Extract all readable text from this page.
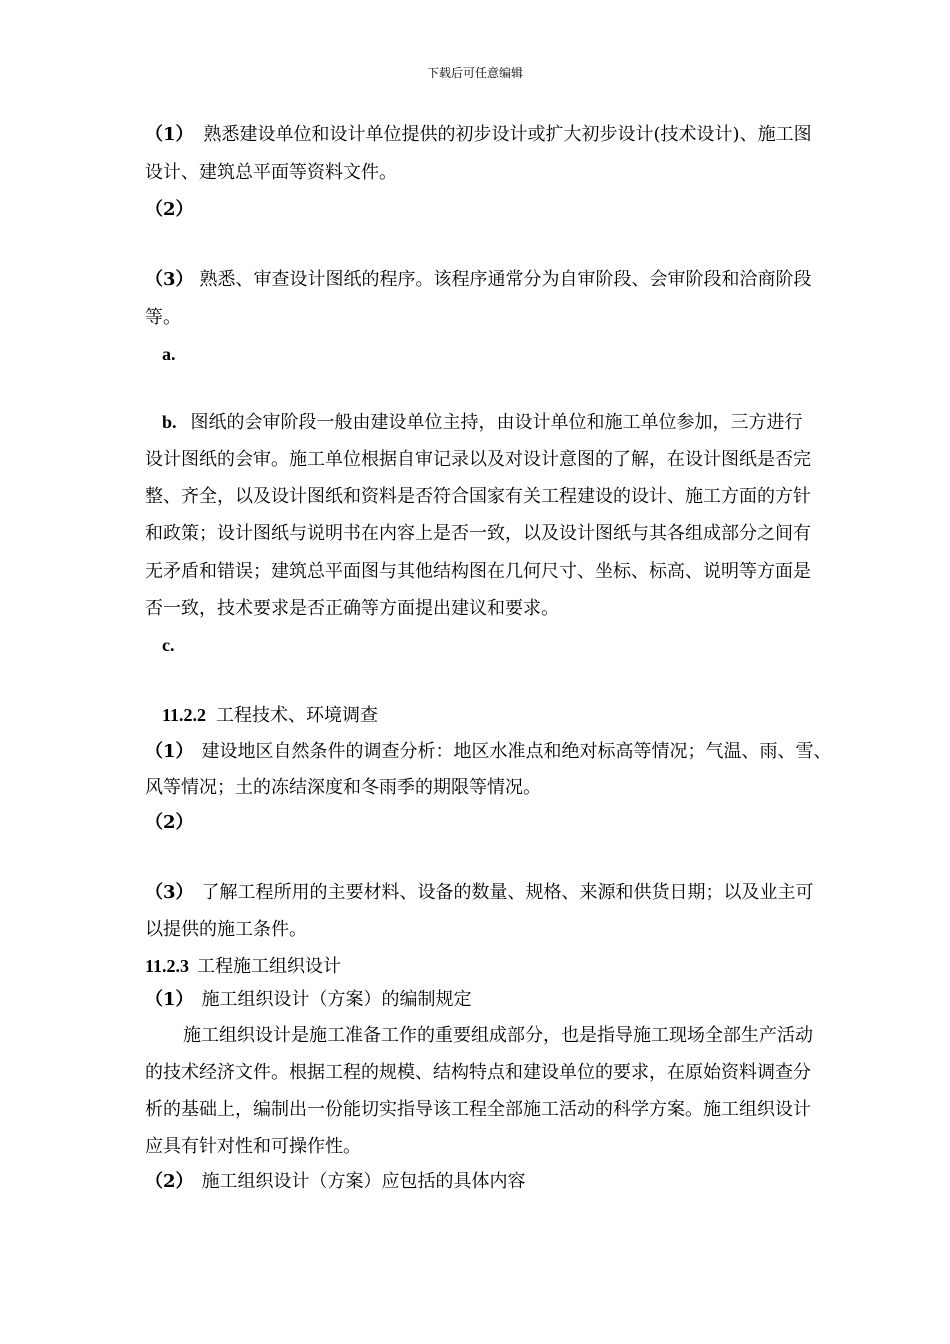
下载后可任意编辑
（1） 熟悉建设单位和设计单位提供的初步设计或扩大初步设计(技术设计)、施工图
设计、建筑总平面等资料文件。
（2）
（3） 熟悉、审查设计图纸的程序。该程序通常分为自审阶段、会审阶段和洽商阶段
等。
a.
b. 图纸的会审阶段一般由建设单位主持，由设计单位和施工单位参加，三方进行
设计图纸的会审。施工单位根据自审记录以及对设计意图的了解，在设计图纸是否完
整、齐全，以及设计图纸和资料是否符合国家有关工程建设的设计、施工方面的方针
和政策；设计图纸与说明书在内容上是否一致，以及设计图纸与其各组成部分之间有
无矛盾和错误；建筑总平面图与其他结构图在几何尺寸、坐标、标高、说明等方面是
否一致，技术要求是否正确等方面提出建议和要求。
c.
11.2.2 工程技术、环境调查
（1） 建设地区自然条件的调查分析：地区水准点和绝对标高等情况；气温、雨、雪、
风等情况；土的冻结深度和冬雨季的期限等情况。
（2）
（3） 了解工程所用的主要材料、设备的数量、规格、来源和供货日期；以及业主可
以提供的施工条件。
11.2.3 工程施工组织设计
（1） 施工组织设计（方案）的编制规定
施工组织设计是施工准备工作的重要组成部分，也是指导施工现场全部生产活动
的技术经济文件。根据工程的规模、结构特点和建设单位的要求，在原始资料调查分
析的基础上，编制出一份能切实指导该工程全部施工活动的科学方案。施工组织设计
应具有针对性和可操作性。
（2） 施工组织设计（方案）应包括的具体内容
